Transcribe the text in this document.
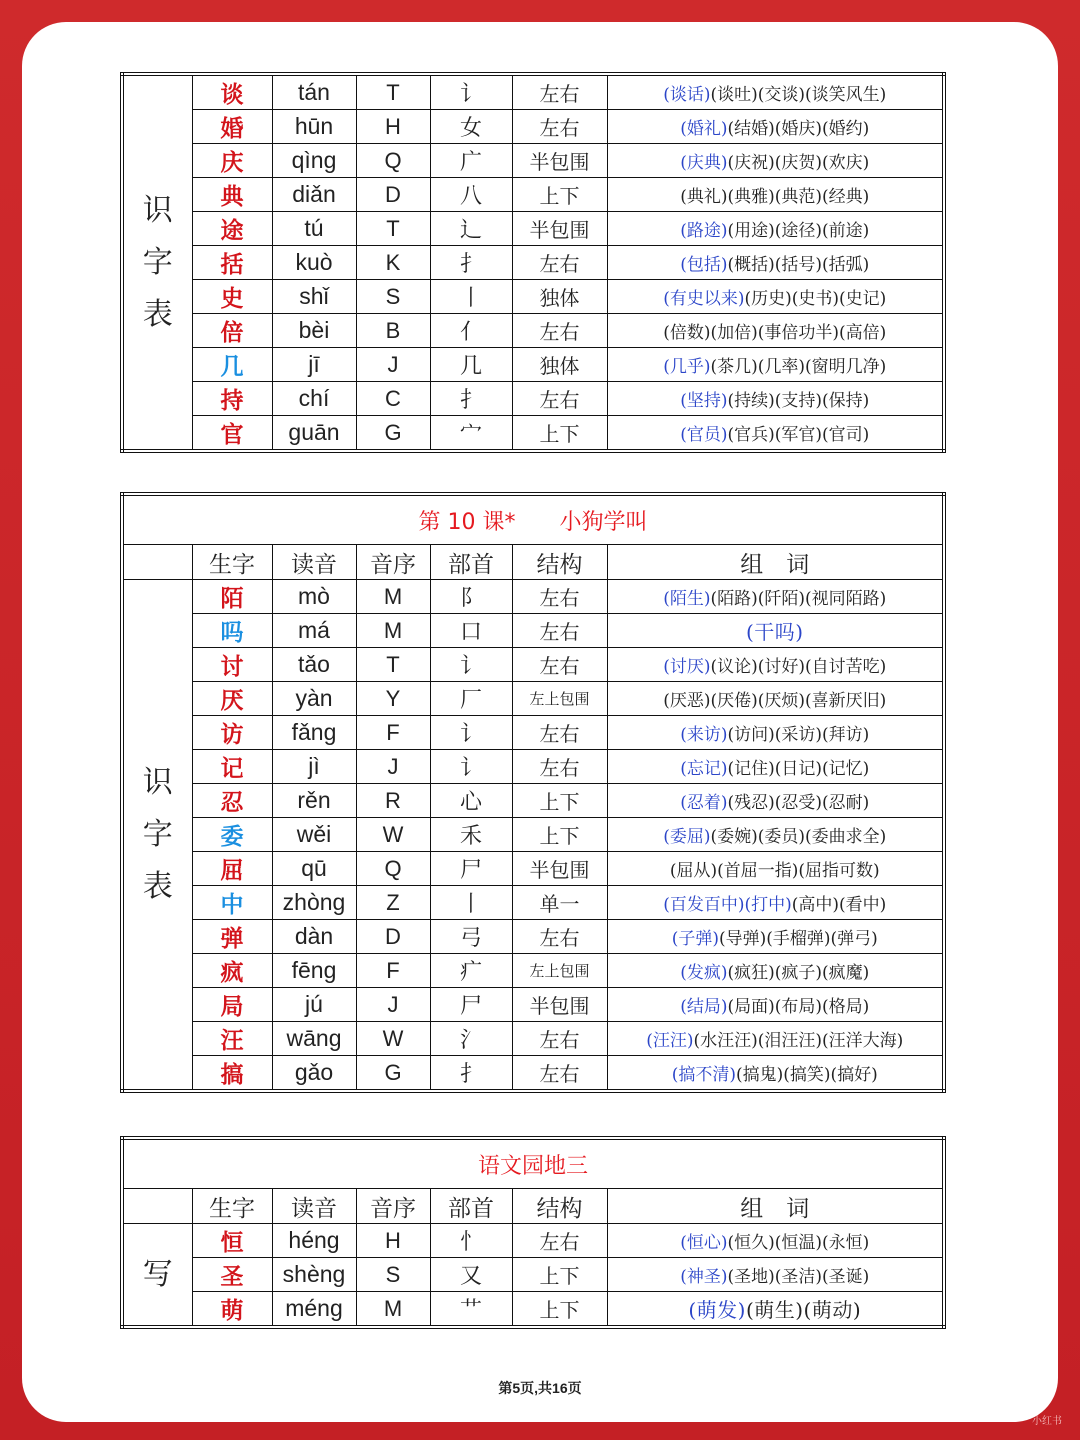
识字表	谈	tán	T	讠	左右	(谈话)(谈吐)(交谈)(谈笑风生)
	婚	hūn	H	女	左右	(婚礼)(结婚)(婚庆)(婚约)
	庆	qìng	Q	广	半包围	(庆典)(庆祝)(庆贺)(欢庆)
	典	diǎn	D	八	上下	(典礼)(典雅)(典范)(经典)
	途	tú	T	辶	半包围	(路途)(用途)(途径)(前途)
	括	kuò	K	扌	左右	(包括)(概括)(括号)(括弧)
	史	shǐ	S	丨	独体	(有史以来)(历史)(史书)(史记)
	倍	bèi	B	亻	左右	(倍数)(加倍)(事倍功半)(高倍)
	几	jī	J	几	独体	(几乎)(茶几)(几率)(窗明几净)
	持	chí	C	扌	左右	(坚持)(持续)(支持)(保持)
	官	guān	G	宀	上下	(官员)(官兵)(军官)(官司)
第 10 课* 小狗学叫						
	生字	读音	音序	部首	结构	组　词
识字表	陌	mò	M	阝	左右	(陌生)(陌路)(阡陌)(视同陌路)
	吗	má	M	口	左右	(干吗)
	讨	tǎo	T	讠	左右	(讨厌)(议论)(讨好)(自讨苦吃)
	厌	yàn	Y	厂	左上包围	(厌恶)(厌倦)(厌烦)(喜新厌旧)
	访	fǎng	F	讠	左右	(来访)(访问)(采访)(拜访)
	记	jì	J	讠	左右	(忘记)(记住)(日记)(记忆)
	忍	rěn	R	心	上下	(忍着)(残忍)(忍受)(忍耐)
	委	wěi	W	禾	上下	(委屈)(委婉)(委员)(委曲求全)
	屈	qū	Q	尸	半包围	(屈从)(首屈一指)(屈指可数)
	中	zhòng	Z	丨	单一	(百发百中)(打中)(高中)(看中)
	弹	dàn	D	弓	左右	(子弹)(导弹)(手榴弹)(弹弓)
	疯	fēng	F	疒	左上包围	(发疯)(疯狂)(疯子)(疯魔)
	局	jú	J	尸	半包围	(结局)(局面)(布局)(格局)
	汪	wāng	W	氵	左右	(汪汪)(水汪汪)(泪汪汪)(汪洋大海)
	搞	gǎo	G	扌	左右	(搞不清)(搞鬼)(搞笑)(搞好)
语文园地三						
	生字	读音	音序	部首	结构	组　词
写	恒	héng	H	忄	左右	(恒心)(恒久)(恒温)(永恒)
	圣	shèng	S	又	上下	(神圣)(圣地)(圣洁)(圣诞)
	萌	méng	M	艹	上下	(萌发)(萌生)(萌动)
第5页,共16页
小红书
